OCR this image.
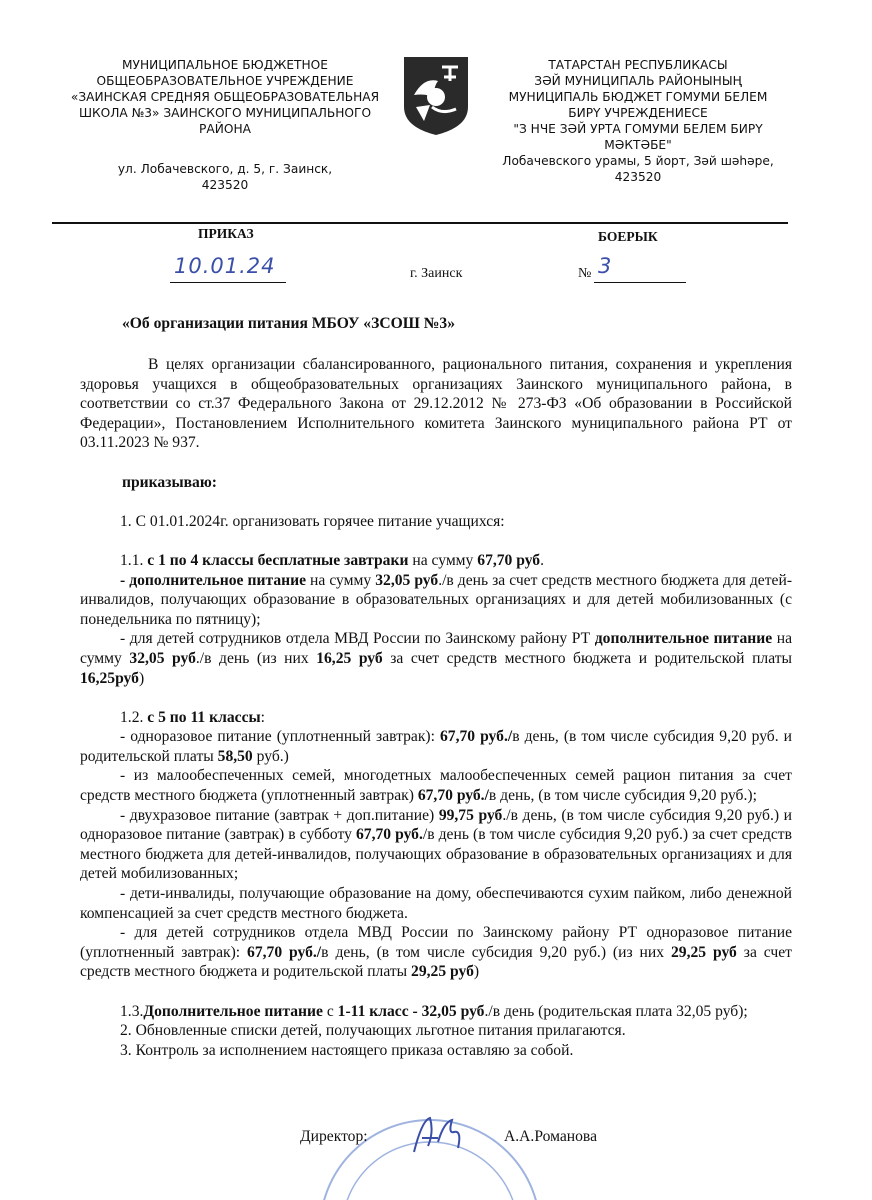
МУНИЦИПАЛЬНОЕ БЮДЖЕТНОЕ
ОБЩЕОБРАЗОВАТЕЛЬНОЕ УЧРЕЖДЕНИЕ
«ЗАИНСКАЯ СРЕДНЯЯ ОБЩЕОБРАЗОВАТЕЛЬНАЯ
ШКОЛА №3» ЗАИНСКОГО МУНИЦИПАЛЬНОГО
РАЙОНА
ул. Лобачевского, д. 5, г. Заинск,
423520
ТАТАРСТАН РЕСПУБЛИКАСЫ
ЗӘЙ МУНИЦИПАЛЬ РАЙОНЫНЫҢ
МУНИЦИПАЛЬ БЮДЖЕТ ГОМУМИ БЕЛЕМ
БИРҮ УЧРЕЖДЕНИЕСЕ
"З НЧЕ ЗӘЙ УРТА ГОМУМИ БЕЛЕМ БИРҮ
МӘКТӘБЕ"
Лобачевского урамы, 5 йорт, Зәй шәһәре,
423520
ПРИКАЗ	БОЕРЫК
10.01.24	г. Заинск	№ 3
«Об организации питания МБОУ «ЗСОШ №3»

В целях организации сбалансированного, рационального питания, сохранения и укрепления здоровья учащихся в общеобразовательных организациях Заинского муниципального района, в соответствии со ст.37 Федерального Закона от 29.12.2012 № 273-ФЗ «Об образовании в Российской Федерации», Постановлением Исполнительного комитета Заинского муниципального района РТ от 03.11.2023 № 937.

приказываю:

1. С 01.01.2024г. организовать горячее питание учащихся:

1.1. с 1 по 4 классы бесплатные завтраки на сумму 67,70 руб.

- дополнительное питание на сумму 32,05 руб./в день за счет средств местного бюджета для детей-инвалидов, получающих образование в образовательных организациях и для детей мобилизованных (с понедельника по пятницу);

- для детей сотрудников отдела МВД России по Заинскому району РТ дополнительное питание на сумму 32,05 руб./в день (из них 16,25 руб за счет средств местного бюджета и родительской платы 16,25руб)

1.2. с 5 по 11 классы:

- одноразовое питание (уплотненный завтрак): 67,70 руб./в день, (в том числе субсидия 9,20 руб. и родительской платы 58,50 руб.)

- из малообеспеченных семей, многодетных малообеспеченных семей рацион питания за счет средств местного бюджета (уплотненный завтрак) 67,70 руб./в день, (в том числе субсидия 9,20 руб.);

- двухразовое питание (завтрак + доп.питание) 99,75 руб./в день, (в том числе субсидия 9,20 руб.) и одноразовое питание (завтрак) в субботу 67,70 руб./в день (в том числе субсидия 9,20 руб.) за счет средств местного бюджета для детей-инвалидов, получающих образование в образовательных организациях и для детей мобилизованных;

- дети-инвалиды, получающие образование на дому, обеспечиваются сухим пайком, либо денежной компенсацией за счет средств местного бюджета.

- для детей сотрудников отдела МВД России по Заинскому району РТ одноразовое питание (уплотненный завтрак): 67,70 руб./в день, (в том числе субсидия 9,20 руб.) (из них 29,25 руб за счет средств местного бюджета и родительской платы 29,25 руб)

1.3.Дополнительное питание с 1-11 класс - 32,05 руб./в день (родительская плата 32,05 руб);

2. Обновленные списки детей, получающих льготное питания прилагаются.

3. Контроль за исполнением настоящего приказа оставляю за собой.

Директор:	А.А.Романова
